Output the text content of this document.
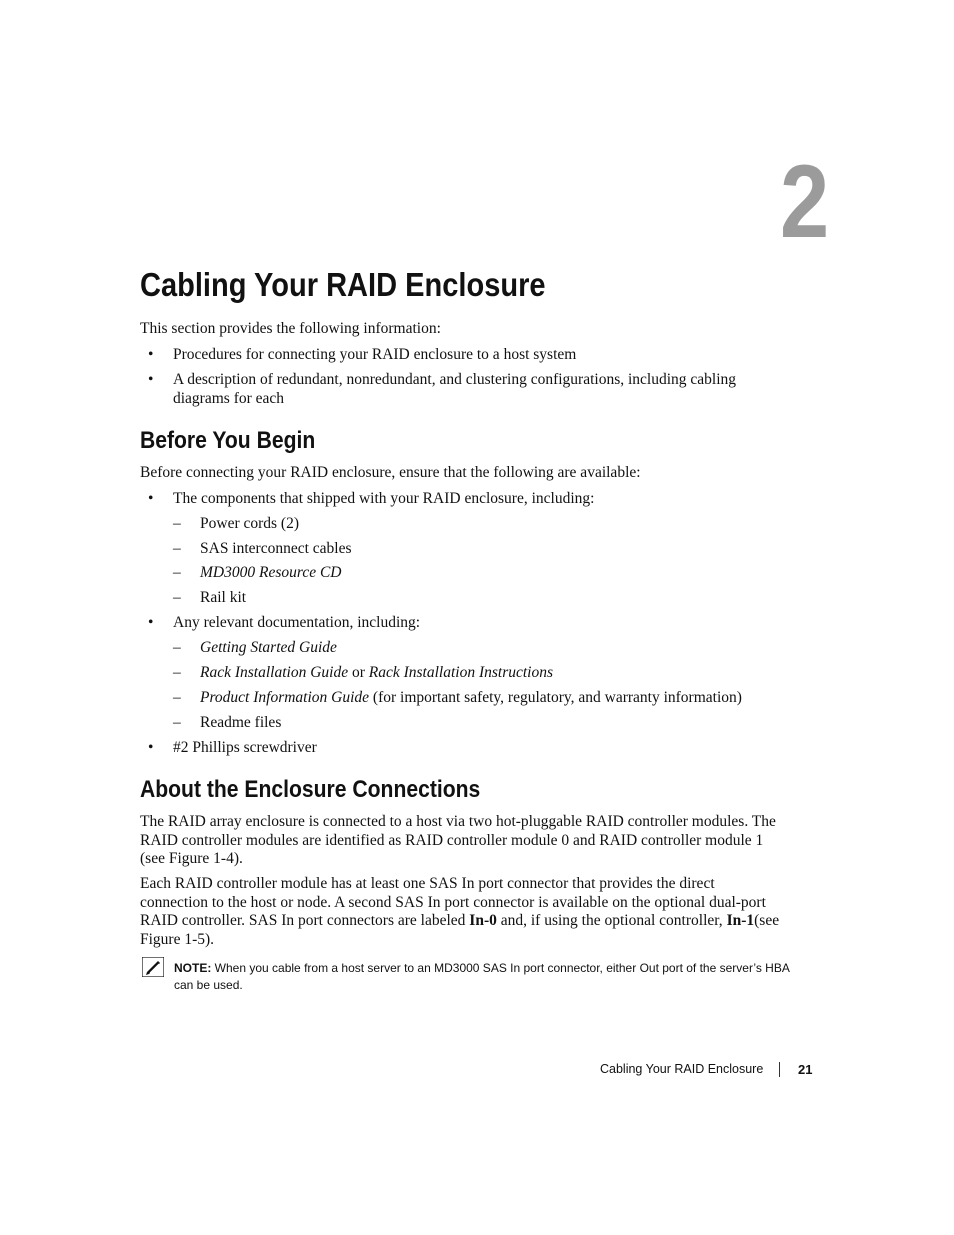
2
Cabling Your RAID Enclosure

This section provides the following information:

• Procedures for connecting your RAID enclosure to a host system
• A description of redundant, nonredundant, and clustering configurations, including cabling diagrams for each
Before You Begin

Before connecting your RAID enclosure, ensure that the following are available:

• The components that shipped with your RAID enclosure, including:
– Power cords (2)
– SAS interconnect cables
– MD3000 Resource CD
– Rail kit
• Any relevant documentation, including:
– Getting Started Guide
– Rack Installation Guide or Rack Installation Instructions
– Product Information Guide (for important safety, regulatory, and warranty information)
– Readme files
• #2 Phillips screwdriver
About the Enclosure Connections

The RAID array enclosure is connected to a host via two hot-pluggable RAID controller modules. The RAID controller modules are identified as RAID controller module 0 and RAID controller module 1 (see Figure 1-4).

Each RAID controller module has at least one SAS In port connector that provides the direct connection to the host or node. A second SAS In port connector is available on the optional dual-port RAID controller. SAS In port connectors are labeled In-0 and, if using the optional controller, In-1(see Figure 1-5).

NOTE: When you cable from a host server to an MD3000 SAS In port connector, either Out port of the server’s HBA can be used.
Cabling Your RAID Enclosure	21
